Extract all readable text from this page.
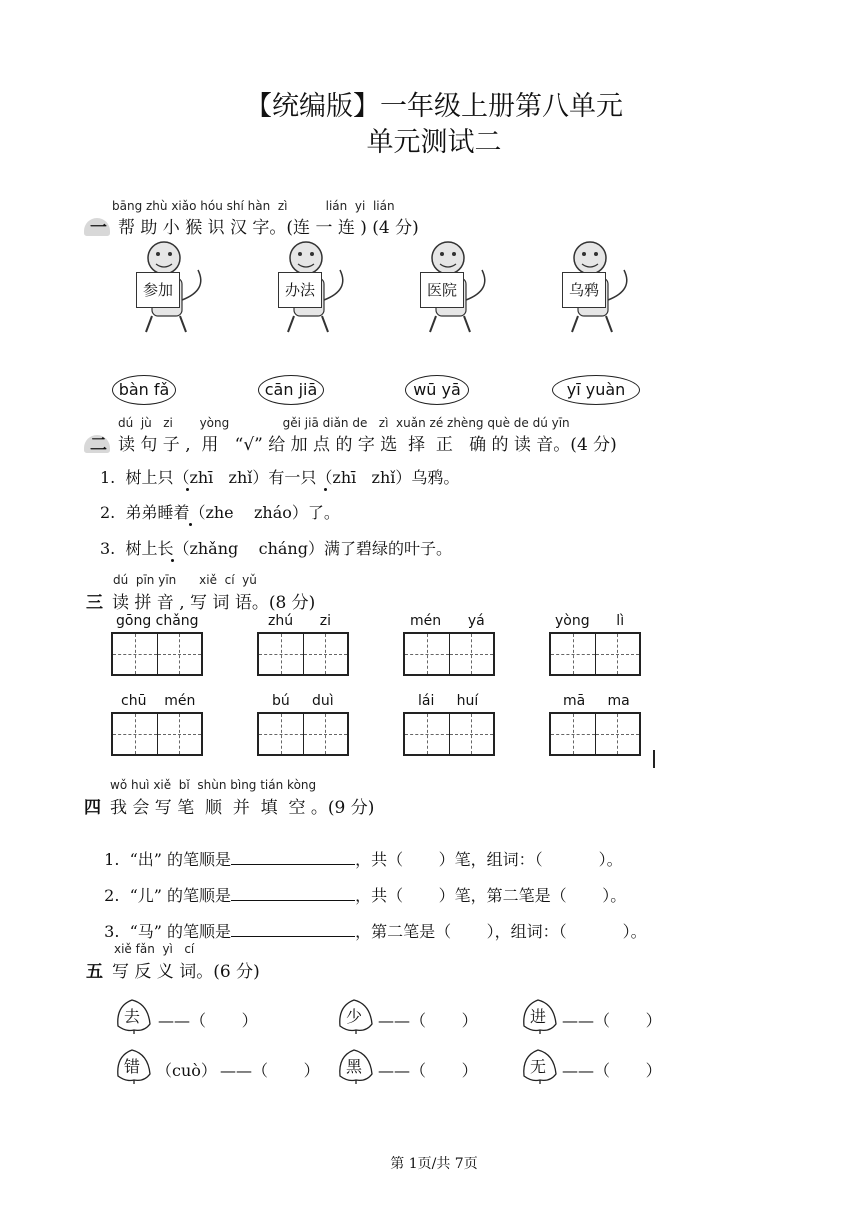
【统编版】一年级上册第八单元
单元测试二
bāng zhù xiǎo hóu shí hàn  zì          lián  yi  lián
一 帮 助 小 猴 识 汉 字。(连 一 连 ) (4 分)
参加	办法	医院	乌鸦
bàn fǎ	cān jiā	wū yā	yī yuàn
dú  jù   zi       yòng              gěi jiā diǎn de   zì  xuǎn zé zhèng què de dú yīn
二 读 句 子 ,  用   “√” 给 加 点 的 字 选  择  正   确 的 读 音。(4 分)
1.  树上只（zhī   zhǐ）有一只（zhī   zhǐ）乌鸦。
2.  弟弟睡着（zhe    zháo）了。
3.  树上长（zhǎng    cháng）满了碧绿的叶子。
dú  pīn yīn      xiě  cí  yǔ
三 读 拼 音 , 写 词 语。(8 分)
gōng chǎng	zhú      zi	mén      yá	yòng      lì
chū    mén	bú     duì	lái     huí	mā     ma
wǒ huì xiě  bǐ  shùn bìng tián kòng
四 我 会 写 笔  顺  并  填  空 。(9 分)

1.  “出” 的笔顺是	，共（       ）笔，组词：（           ）。

2.  “儿” 的笔顺是	，共（       ）笔，第二笔是（       ）。

3.  “马” 的笔顺是	，第二笔是（       ），组词：（           ）。

xiě fǎn  yì   cí
五 写 反 义 词。(6 分)
去 ——（       ）	少 ——（       ）	进 ——（       ）
错 （cuò） ——（       ） 黑 ——（       ）	无 ——（       ）
第 1页/共 7页
